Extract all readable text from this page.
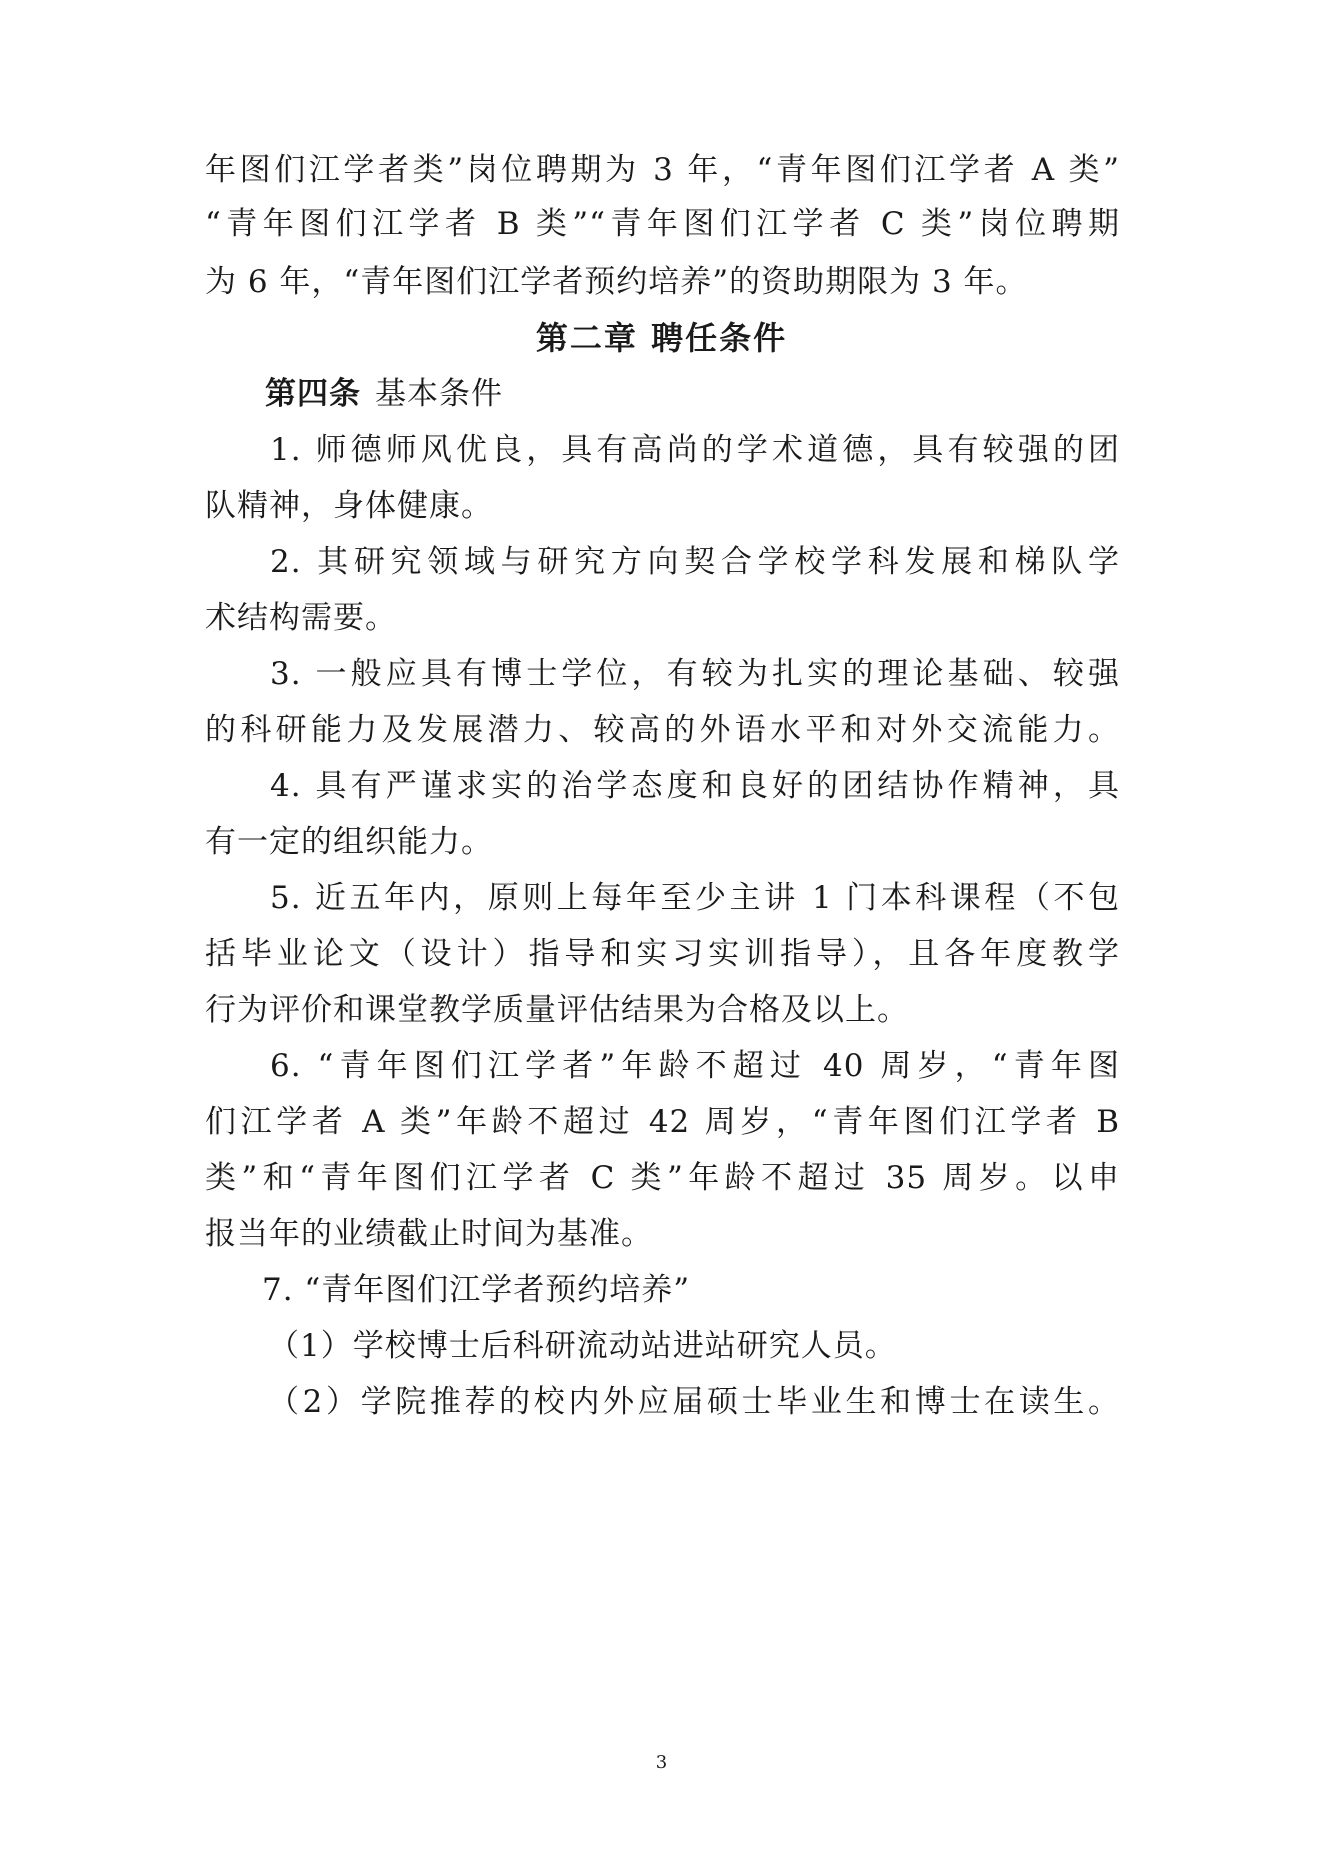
年图们江学者类”岗位聘期为 3 年，“青年图们江学者 A 类”
“青年图们江学者 B 类”“青年图们江学者 C 类”岗位聘期
为 6 年，“青年图们江学者预约培养”的资助期限为 3 年。
第二章 聘任条件
第四条 基本条件
1. 师德师风优良，具有高尚的学术道德，具有较强的团
队精神，身体健康。
2. 其研究领域与研究方向契合学校学科发展和梯队学
术结构需要。
3. 一般应具有博士学位，有较为扎实的理论基础、较强
的科研能力及发展潜力、较高的外语水平和对外交流能力。
4. 具有严谨求实的治学态度和良好的团结协作精神，具
有一定的组织能力。
5. 近五年内，原则上每年至少主讲 1 门本科课程（不包
括毕业论文（设计）指导和实习实训指导），且各年度教学
行为评价和课堂教学质量评估结果为合格及以上。
6. “青年图们江学者”年龄不超过 40 周岁，“青年图
们江学者 A 类”年龄不超过 42 周岁，“青年图们江学者 B
类”和“青年图们江学者 C 类”年龄不超过 35 周岁。以申
报当年的业绩截止时间为基准。
7. “青年图们江学者预约培养”
（1）学校博士后科研流动站进站研究人员。
（2）学院推荐的校内外应届硕士毕业生和博士在读生。
3
